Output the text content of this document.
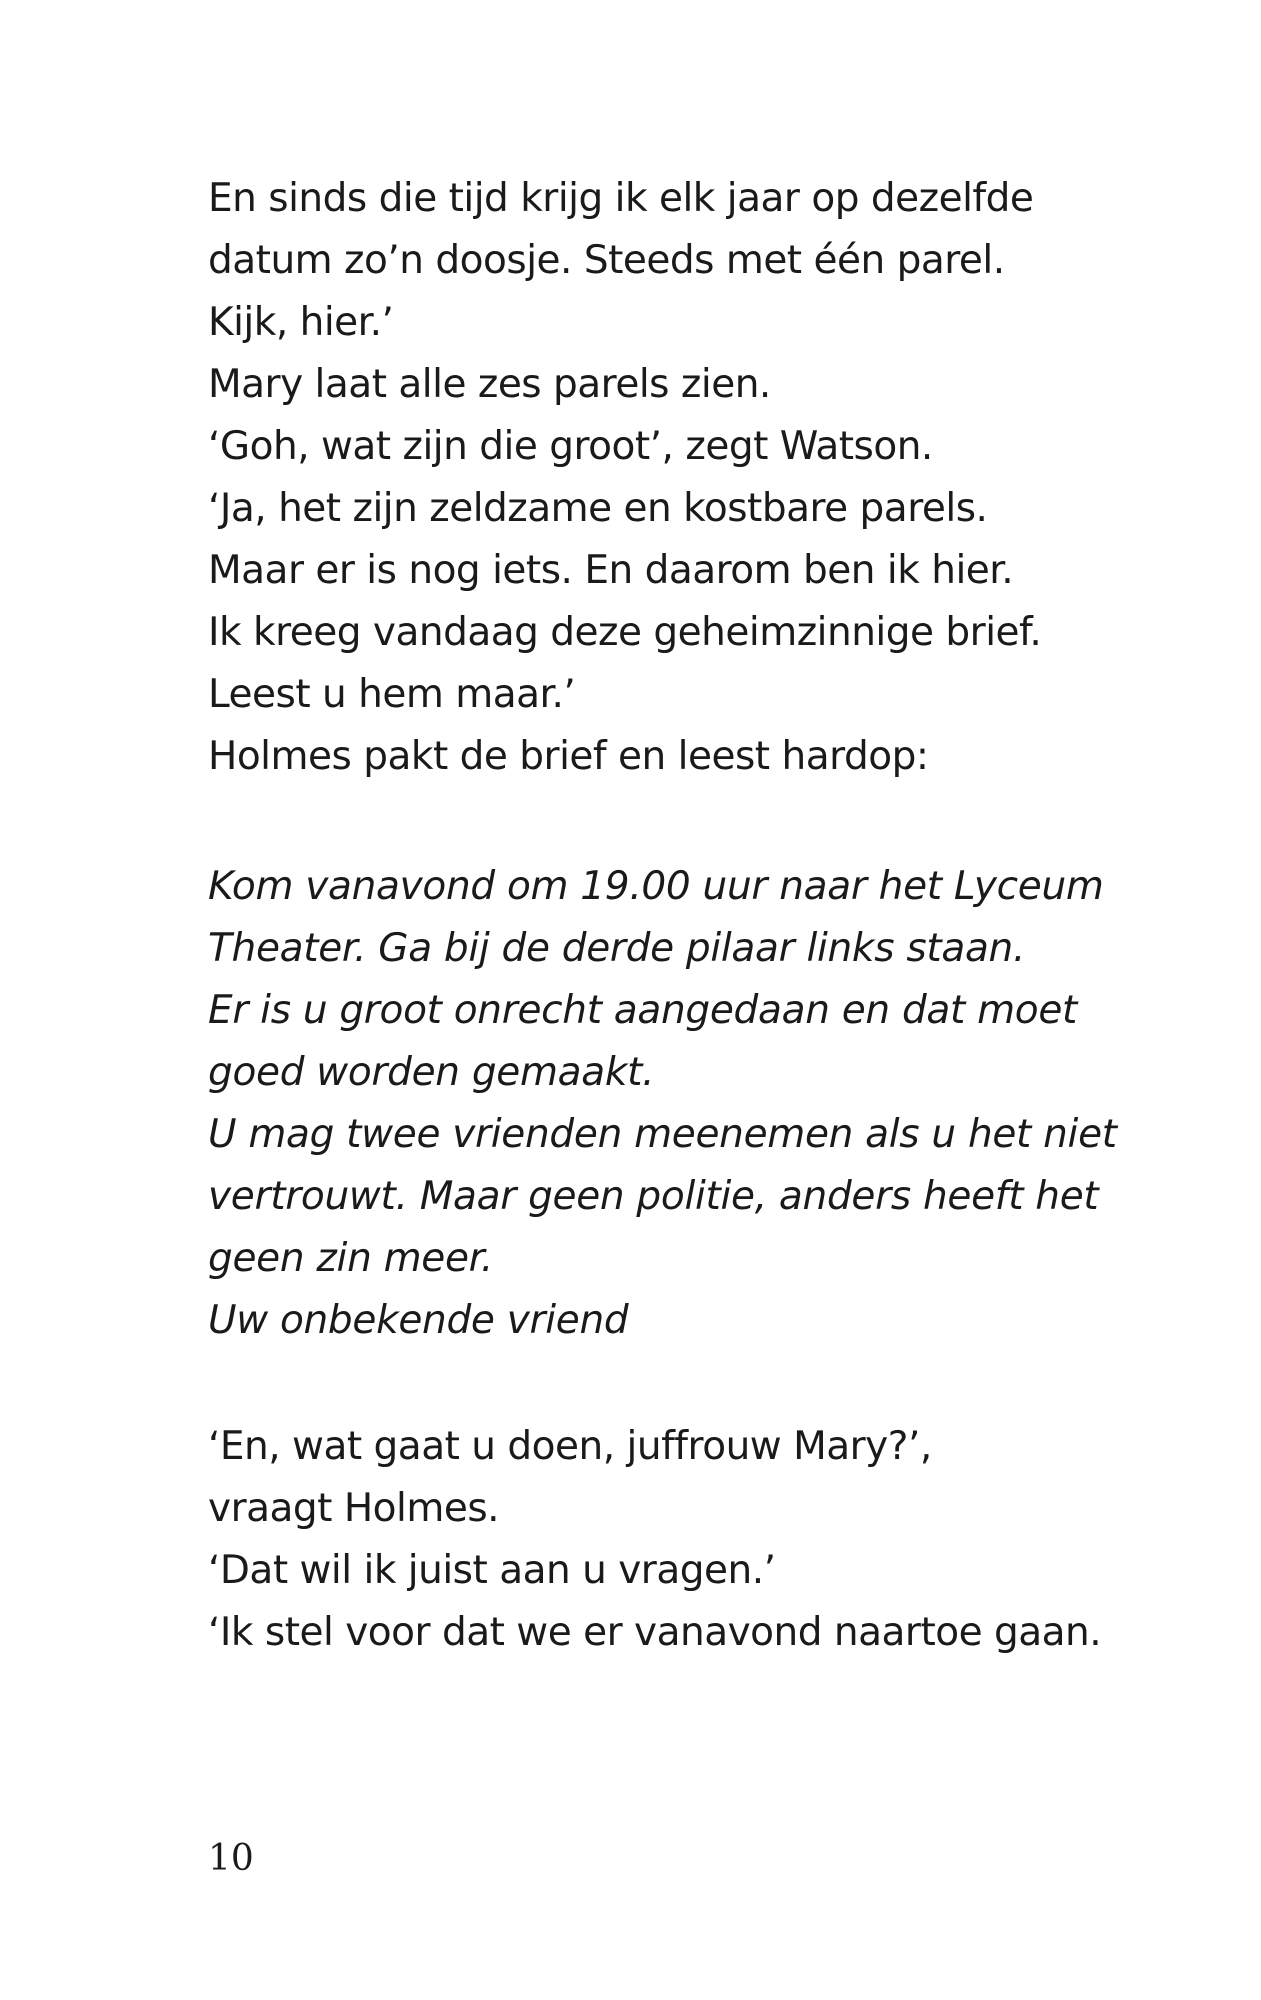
En sinds die tijd krijg ik elk jaar op dezelfde
datum zo’n doosje. Steeds met één parel.
Kijk, hier.’
Mary laat alle zes parels zien.
‘Goh, wat zijn die groot’, zegt Watson.
‘Ja, het zijn zeldzame en kostbare parels.
Maar er is nog iets. En daarom ben ik hier.
Ik kreeg vandaag deze geheimzinnige brief.
Leest u hem maar.’
Holmes pakt de brief en leest hardop:
Kom vanavond om 19.00 uur naar het Lyceum
Theater. Ga bij de derde pilaar links staan.
Er is u groot onrecht aangedaan en dat moet
goed worden gemaakt.
U mag twee vrienden meenemen als u het niet
vertrouwt. Maar geen politie, anders heeft het
geen zin meer.
Uw onbekende vriend
‘En, wat gaat u doen, juffrouw Mary?’,
vraagt Holmes.
‘Dat wil ik juist aan u vragen.’
‘Ik stel voor dat we er vanavond naartoe gaan.
10
